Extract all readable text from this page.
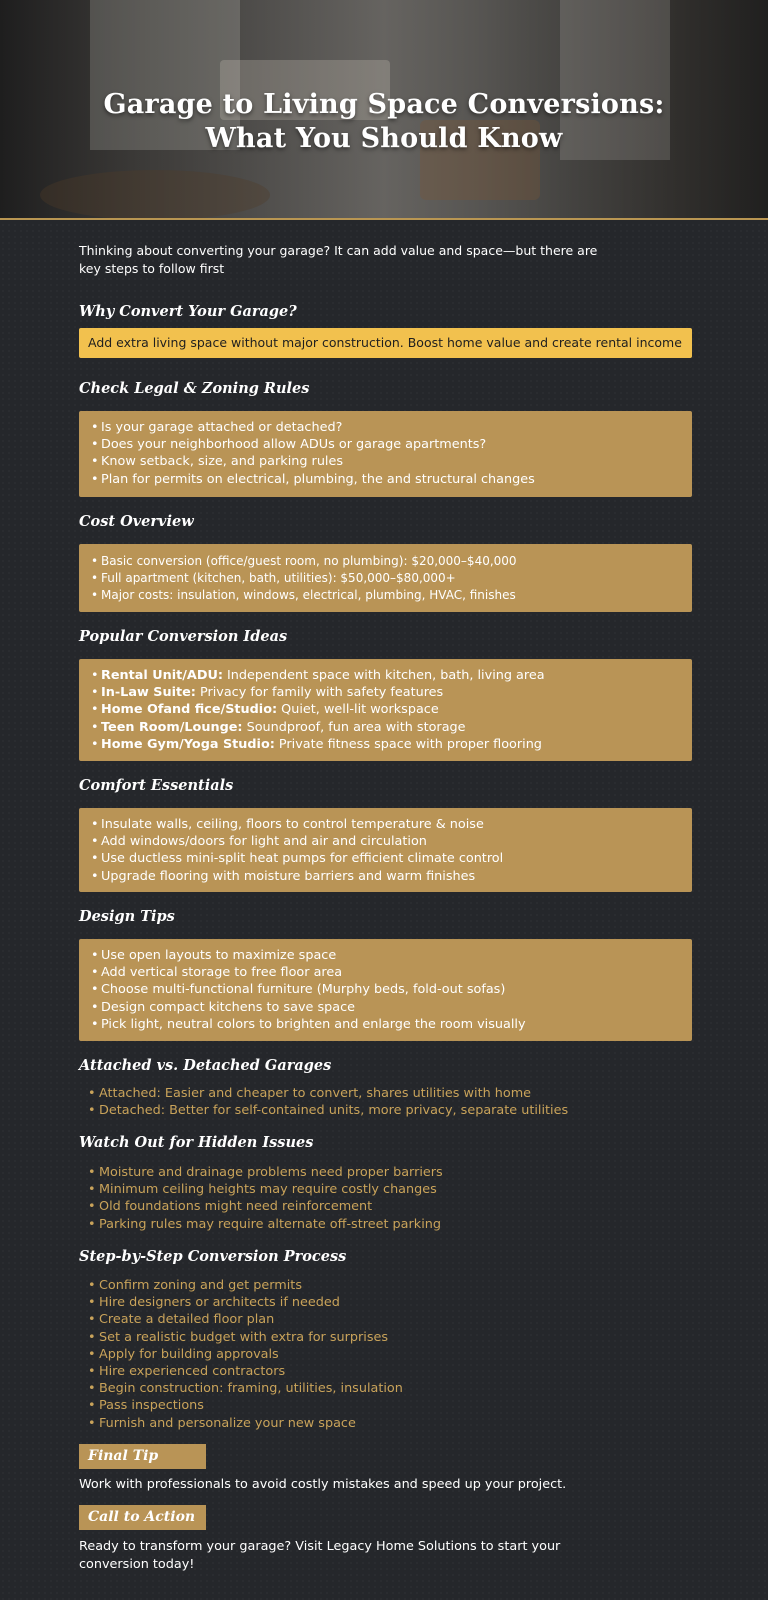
Garage to Living Space Conversions:
What You Should Know
Thinking about converting your garage? It can add value and space—but there are key steps to follow first
Why Convert Your Garage?
Add extra living space without major construction. Boost home value and create rental income
Check Legal & Zoning Rules
• Is your garage attached or detached?
• Does your neighborhood allow ADUs or garage apartments?
• Know setback, size, and parking rules
• Plan for permits on electrical, plumbing, the and structural changes
Cost Overview
• Basic conversion (office/guest room, no plumbing): $20,000–$40,000
• Full apartment (kitchen, bath, utilities): $50,000–$80,000+
• Major costs: insulation, windows, electrical, plumbing, HVAC, finishes
Popular Conversion Ideas
• Rental Unit/ADU: Independent space with kitchen, bath, living area
• In-Law Suite: Privacy for family with safety features
• Home Ofand fice/Studio: Quiet, well-lit workspace
• Teen Room/Lounge: Soundproof, fun area with storage
• Home Gym/Yoga Studio: Private fitness space with proper flooring
Comfort Essentials
• Insulate walls, ceiling, floors to control temperature & noise
• Add windows/doors for light and air and circulation
• Use ductless mini-split heat pumps for efficient climate control
• Upgrade flooring with moisture barriers and warm finishes
Design Tips
• Use open layouts to maximize space
• Add vertical storage to free floor area
• Choose multi-functional furniture (Murphy beds, fold-out sofas)
• Design compact kitchens to save space
• Pick light, neutral colors to brighten and enlarge the room visually
Attached vs. Detached Garages
• Attached: Easier and cheaper to convert, shares utilities with home
• Detached: Better for self-contained units, more privacy, separate utilities
Watch Out for Hidden Issues
• Moisture and drainage problems need proper barriers
• Minimum ceiling heights may require costly changes
• Old foundations might need reinforcement
• Parking rules may require alternate off-street parking
Step-by-Step Conversion Process
• Confirm zoning and get permits
• Hire designers or architects if needed
• Create a detailed floor plan
• Set a realistic budget with extra for surprises
• Apply for building approvals
• Hire experienced contractors
• Begin construction: framing, utilities, insulation
• Pass inspections
• Furnish and personalize your new space
Final Tip
Work with professionals to avoid costly mistakes and speed up your project.
Call to Action
Ready to transform your garage? Visit Legacy Home Solutions to start your
conversion today!
